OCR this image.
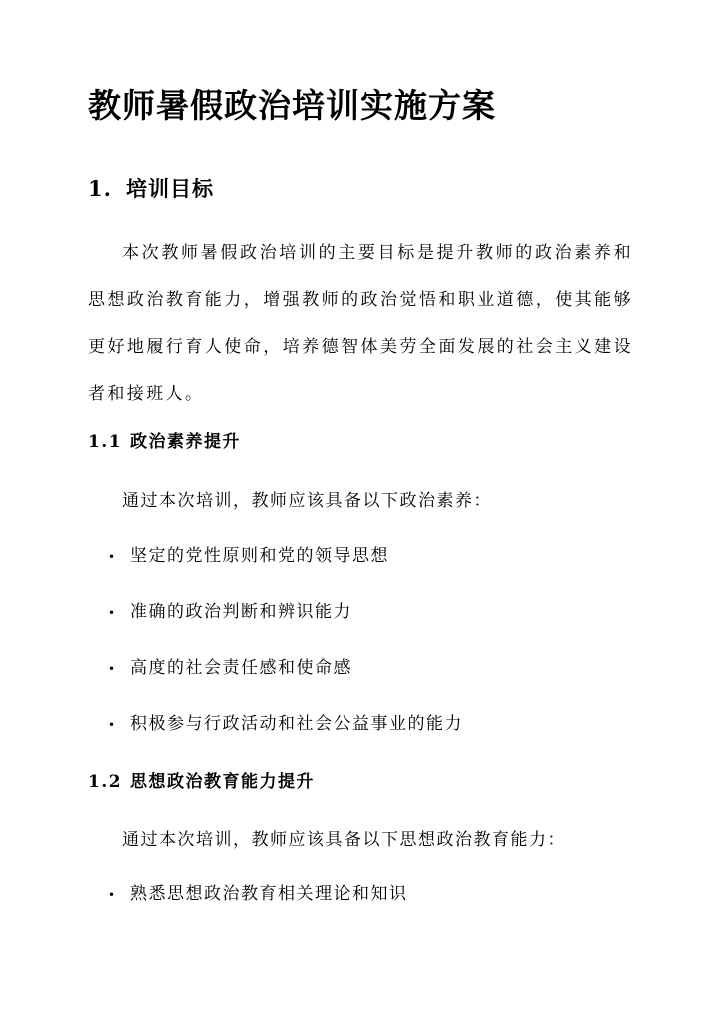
教师暑假政治培训实施方案
1. 培训目标

本次教师暑假政治培训的主要目标是提升教师的政治素养和思想政治教育能力，增强教师的政治觉悟和职业道德，使其能够更好地履行育人使命，培养德智体美劳全面发展的社会主义建设者和接班人。

1.1 政治素养提升

通过本次培训，教师应该具备以下政治素养：

• 坚定的党性原则和党的领导思想

• 准确的政治判断和辨识能力

• 高度的社会责任感和使命感

• 积极参与行政活动和社会公益事业的能力

1.2 思想政治教育能力提升

通过本次培训，教师应该具备以下思想政治教育能力：

• 熟悉思想政治教育相关理论和知识
